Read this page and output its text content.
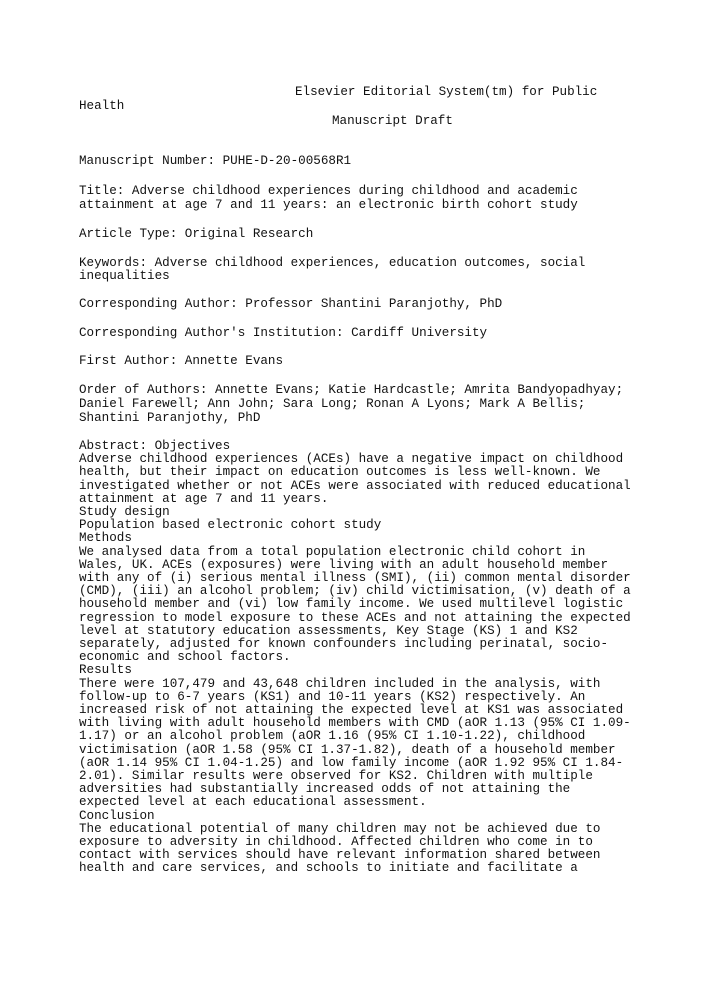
Elsevier Editorial System(tm) for Public
Health
Manuscript Draft
Manuscript Number: PUHE-D-20-00568R1
Title: Adverse childhood experiences during childhood and academic
attainment at age 7 and 11 years: an electronic birth cohort study
Article Type: Original Research
Keywords: Adverse childhood experiences, education outcomes, social
inequalities
Corresponding Author: Professor Shantini Paranjothy, PhD
Corresponding Author's Institution: Cardiff University
First Author: Annette Evans
Order of Authors: Annette Evans; Katie Hardcastle; Amrita Bandyopadhyay;
Daniel Farewell; Ann John; Sara Long; Ronan A Lyons; Mark A Bellis;
Shantini Paranjothy, PhD
Abstract: Objectives
Adverse childhood experiences (ACEs) have a negative impact on childhood
health, but their impact on education outcomes is less well-known. We
investigated whether or not ACEs were associated with reduced educational
attainment at age 7 and 11 years.
Study design
Population based electronic cohort study
Methods
We analysed data from a total population electronic child cohort in
Wales, UK. ACEs (exposures) were living with an adult household member
with any of (i) serious mental illness (SMI), (ii) common mental disorder
(CMD), (iii) an alcohol problem; (iv) child victimisation, (v) death of a
household member and (vi) low family income. We used multilevel logistic
regression to model exposure to these ACEs and not attaining the expected
level at statutory education assessments, Key Stage (KS) 1 and KS2
separately, adjusted for known confounders including perinatal, socio-
economic and school factors.
Results
There were 107,479 and 43,648 children included in the analysis, with
follow-up to 6-7 years (KS1) and 10-11 years (KS2) respectively. An
increased risk of not attaining the expected level at KS1 was associated
with living with adult household members with CMD (aOR 1.13 (95% CI 1.09-
1.17) or an alcohol problem (aOR 1.16 (95% CI 1.10-1.22), childhood
victimisation (aOR 1.58 (95% CI 1.37-1.82), death of a household member
(aOR 1.14 95% CI 1.04-1.25) and low family income (aOR 1.92 95% CI 1.84-
2.01). Similar results were observed for KS2. Children with multiple
adversities had substantially increased odds of not attaining the
expected level at each educational assessment.
Conclusion
The educational potential of many children may not be achieved due to
exposure to adversity in childhood. Affected children who come in to
contact with services should have relevant information shared between
health and care services, and schools to initiate and facilitate a
